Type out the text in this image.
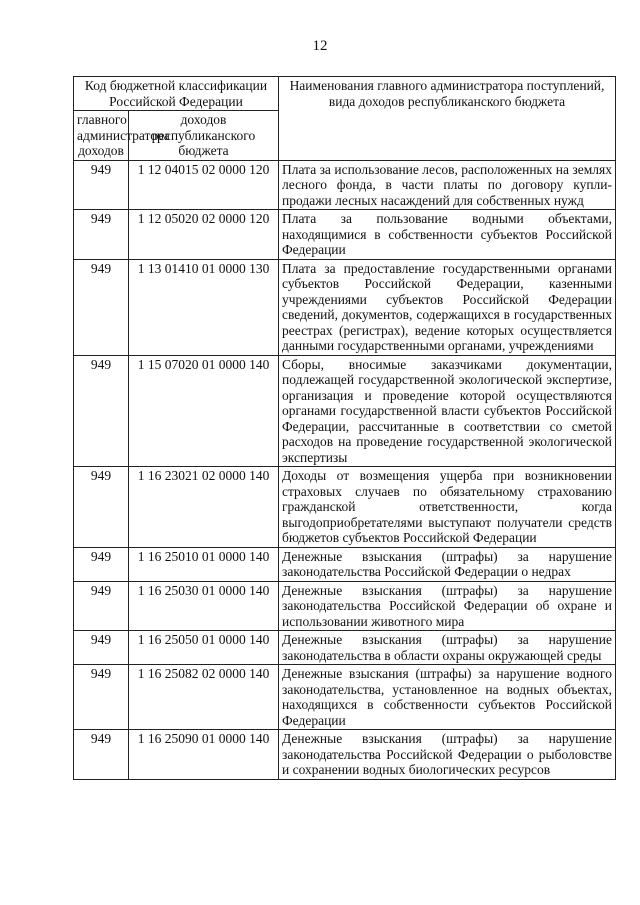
12
Код бюджетной классификации Российской Федерации		Наименования главного администратора поступлений, вида доходов республиканского бюджета
главного администратора доходов	доходов республиканского бюджета	
949	1 12 04015 02 0000 120	Плата за использование лесов, расположенных на землях лесного фонда, в части платы по договору купли-продажи лесных насаждений для собственных нужд
949	1 12 05020 02 0000 120	Плата за пользование водными объектами, находящимися в собственности субъектов Российской Федерации
949	1 13 01410 01 0000 130	Плата за предоставление государственными органами субъектов Российской Федерации, казенными учреждениями субъектов Российской Федерации сведений, документов, содержащихся в государственных реестрах (регистрах), ведение которых осуществляется данными государственными органами, учреждениями
949	1 15 07020 01 0000 140	Сборы, вносимые заказчиками документации, подлежащей государственной экологической экспертизе, организация и проведение которой осуществляются органами государственной власти субъектов Российской Федерации, рассчитанные в соответствии со сметой расходов на проведение государственной экологической экспертизы
949	1 16 23021 02 0000 140	Доходы от возмещения ущерба при возникновении страховых случаев по обязательному страхованию гражданской ответственности, когда выгодоприобретателями выступают получатели средств бюджетов субъектов Российской Федерации
949	1 16 25010 01 0000 140	Денежные взыскания (штрафы) за нарушение законодательства Российской Федерации о недрах
949	1 16 25030 01 0000 140	Денежные взыскания (штрафы) за нарушение законодательства Российской Федерации об охране и использовании животного мира
949	1 16 25050 01 0000 140	Денежные взыскания (штрафы) за нарушение законодательства в области охраны окружающей среды
949	1 16 25082 02 0000 140	Денежные взыскания (штрафы) за нарушение водного законодательства, установленное на водных объектах, находящихся в собственности субъектов Российской Федерации
949	1 16 25090 01 0000 140	Денежные взыскания (штрафы) за нарушение законодательства Российской Федерации о рыболовстве и сохранении водных биологических ресурсов
